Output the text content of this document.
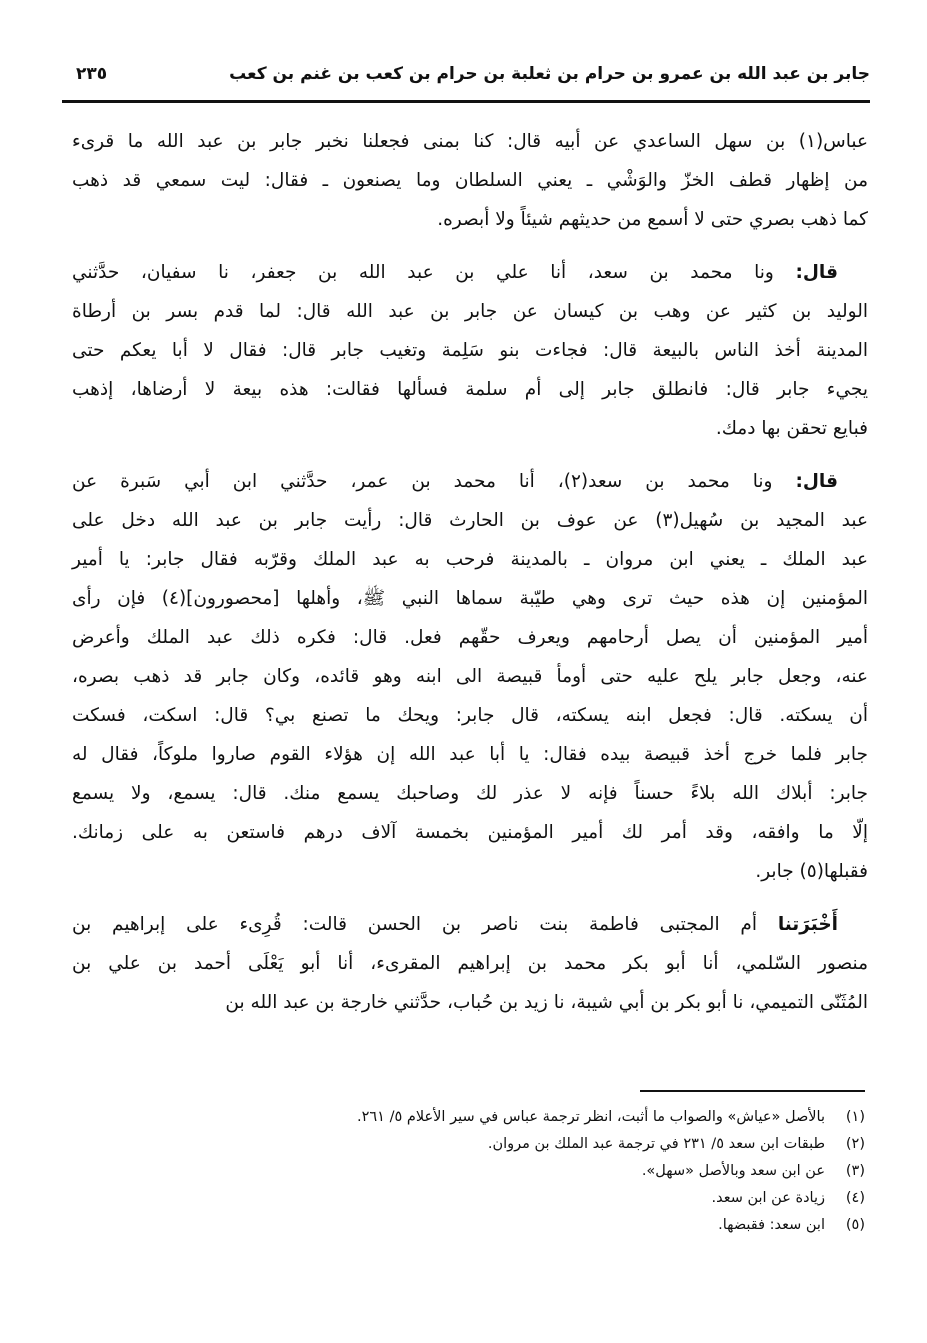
جابر بن عبد الله بن عمرو بن حرام بن ثعلبة بن حرام بن كعب بن غنم بن كعب
٢٣٥
عباس(١) بن سهل الساعدي عن أبيه قال: كنا بمنى فجعلنا نخبر جابر بن عبد الله ما قرىء
من إظهار قطف الخزّ والوَشْي ـ يعني السلطان وما يصنعون ـ فقال: ليت سمعي قد ذهب
كما ذهب بصري حتى لا أسمع من حديثهم شيئاً ولا أبصره.
قال: ونا محمد بن سعد، أنا علي بن عبد الله بن جعفر، نا سفيان، حدَّثني
الوليد بن كثير عن وهب بن كيسان عن جابر بن عبد الله قال: لما قدم بسر بن أرطاة
المدينة أخذ الناس بالبيعة قال: فجاءت بنو سَلِمة وتغيب جابر قال: فقال لا أبا يعكم حتى
يجيء جابر قال: فانطلق جابر إلى أم سلمة فسألها فقالت: هذه بيعة لا أرضاها، إذهب
فبايع تحقن بها دمك.
قال: ونا محمد بن سعد(٢)، أنا محمد بن عمر، حدَّثني ابن أبي سَبرة عن
عبد المجيد بن سُهيل(٣) عن عوف بن الحارث قال: رأيت جابر بن عبد الله دخل على
عبد الملك ـ يعني ابن مروان ـ بالمدينة فرحب به عبد الملك وقرّبه فقال جابر: يا أمير
المؤمنين إن هذه حيث ترى وهي طيّبة سماها النبي ﷺ، وأهلها [محصورون](٤) فإن رأى
أمير المؤمنين أن يصل أرحامهم ويعرف حقّهم فعل. قال: فكره ذلك عبد الملك وأعرض
عنه، وجعل جابر يلح عليه حتى أومأ قبيصة الى ابنه وهو قائده، وكان جابر قد ذهب بصره،
أن يسكته. قال: فجعل ابنه يسكته، قال جابر: ويحك ما تصنع بي؟ قال: اسكت، فسكت
جابر فلما خرج أخذ قبيصة بيده فقال: يا أبا عبد الله إن هؤلاء القوم صاروا ملوكاً، فقال له
جابر: أبلاك الله بلاءً حسناً فإنه لا عذر لك وصاحبك يسمع منك. قال: يسمع، ولا يسمع
إلّا ما وافقه، وقد أمر لك أمير المؤمنين بخمسة آلاف درهم فاستعن به على زمانك.
فقبلها(٥) جابر.
أَخْبَرَتنا أم المجتبى فاطمة بنت ناصر بن الحسن قالت: قُرِىء على إبراهيم بن
منصور السّلمي، أنا أبو بكر محمد بن إبراهيم المقرىء، أنا أبو يَعْلَى أحمد بن علي بن
المُثَنّى التميمي، نا أبو بكر بن أبي شيبة، نا زيد بن حُباب، حدَّثني خارجة بن عبد الله بن
(١)بالأصل «عياش» والصواب ما أثبت، انظر ترجمة عباس في سير الأعلام ٥/ ٢٦١.
(٢)طبقات ابن سعد ٥/ ٢٣١ في ترجمة عبد الملك بن مروان.
(٣)عن ابن سعد وبالأصل «سهل».
(٤)زيادة عن ابن سعد.
(٥)ابن سعد: فقبضها.
